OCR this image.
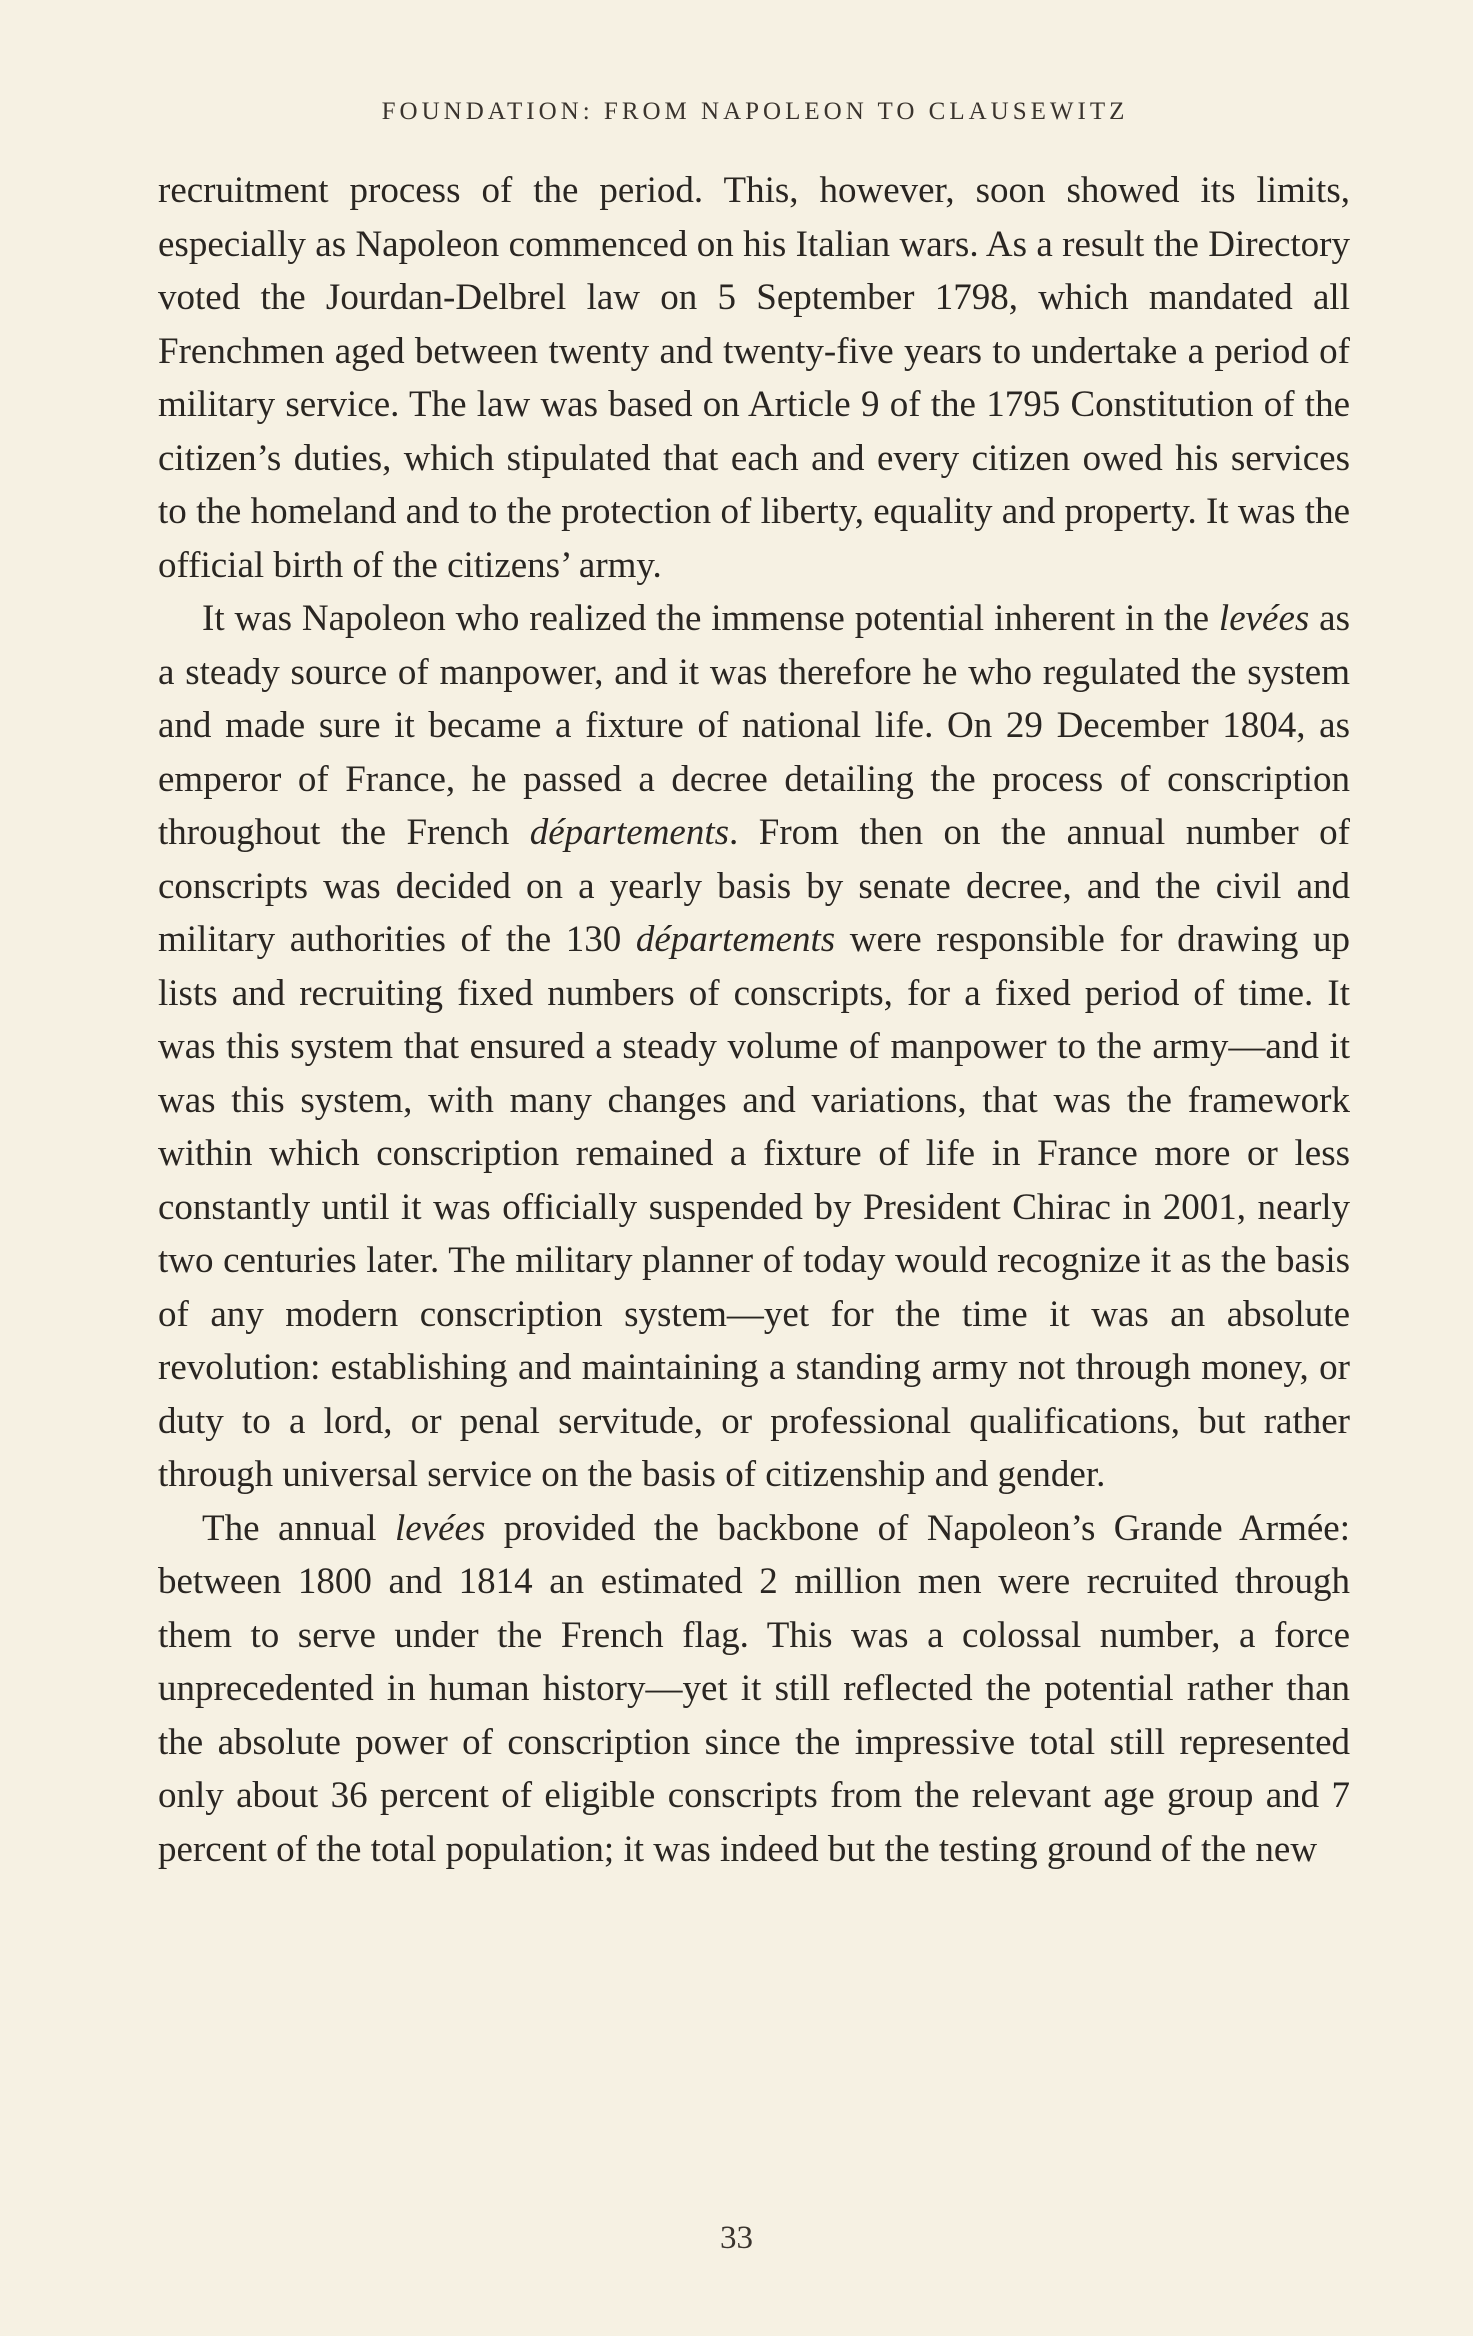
FOUNDATION: FROM NAPOLEON TO CLAUSEWITZ

recruitment process of the period. This, however, soon showed its limits, especially as Napoleon commenced on his Italian wars. As a result the Directory voted the Jourdan-Delbrel law on 5 September 1798, which mandated all Frenchmen aged between twenty and twenty-five years to undertake a period of military service. The law was based on Article 9 of the 1795 Constitution of the citizen’s duties, which stipulated that each and every citizen owed his services to the homeland and to the protection of liberty, equality and property. It was the official birth of the citizens’ army.

It was Napoleon who realized the immense potential inherent in the levées as a steady source of manpower, and it was therefore he who regulated the system and made sure it became a fixture of national life. On 29 December 1804, as emperor of France, he passed a decree detailing the process of conscription throughout the French départements. From then on the annual number of conscripts was decided on a yearly basis by senate decree, and the civil and military authorities of the 130 départements were responsible for drawing up lists and recruiting fixed numbers of conscripts, for a fixed period of time. It was this system that ensured a steady volume of manpower to the army—and it was this system, with many changes and variations, that was the framework within which conscription remained a fixture of life in France more or less constantly until it was officially suspended by President Chirac in 2001, nearly two centuries later. The military planner of today would recognize it as the basis of any modern conscription system—yet for the time it was an absolute revolution: establishing and maintaining a standing army not through money, or duty to a lord, or penal servitude, or professional qualifications, but rather through universal service on the basis of citizenship and gender.

The annual levées provided the backbone of Napoleon’s Grande Armée: between 1800 and 1814 an estimated 2 million men were recruited through them to serve under the French flag. This was a colossal number, a force unprecedented in human history—yet it still reflected the potential rather than the absolute power of conscription since the impressive total still represented only about 36 percent of eligible conscripts from the relevant age group and 7 percent of the total population; it was indeed but the testing ground of the new

33
